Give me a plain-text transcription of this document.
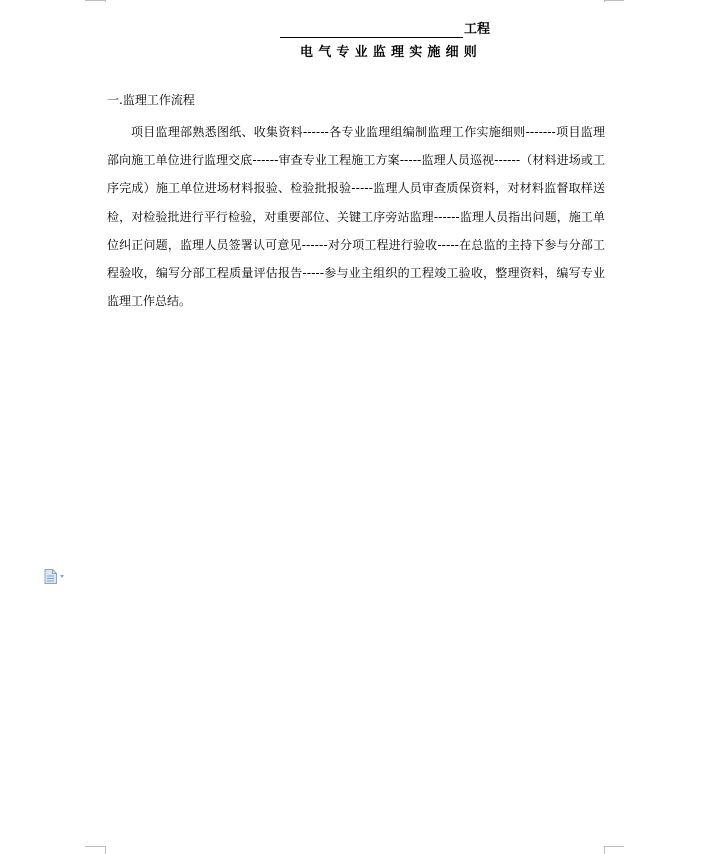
工程
电气专业监理实施细则
一.监理工作流程

项目监理部熟悉图纸、收集资料------各专业监理组编制监理工作实施细则-------项目监理部向施工单位进行监理交底------审查专业工程施工方案-----监理人员巡视------（材料进场或工序完成）施工单位进场材料报验、检验批报验-----监理人员审查质保资料，对材料监督取样送检，对检验批进行平行检验，对重要部位、关键工序旁站监理------监理人员指出问题，施工单位纠正问题，监理人员签署认可意见------对分项工程进行验收-----在总监的主持下参与分部工程验收，编写分部工程质量评估报告-----参与业主组织的工程竣工验收，整理资料，编写专业监理工作总结。
